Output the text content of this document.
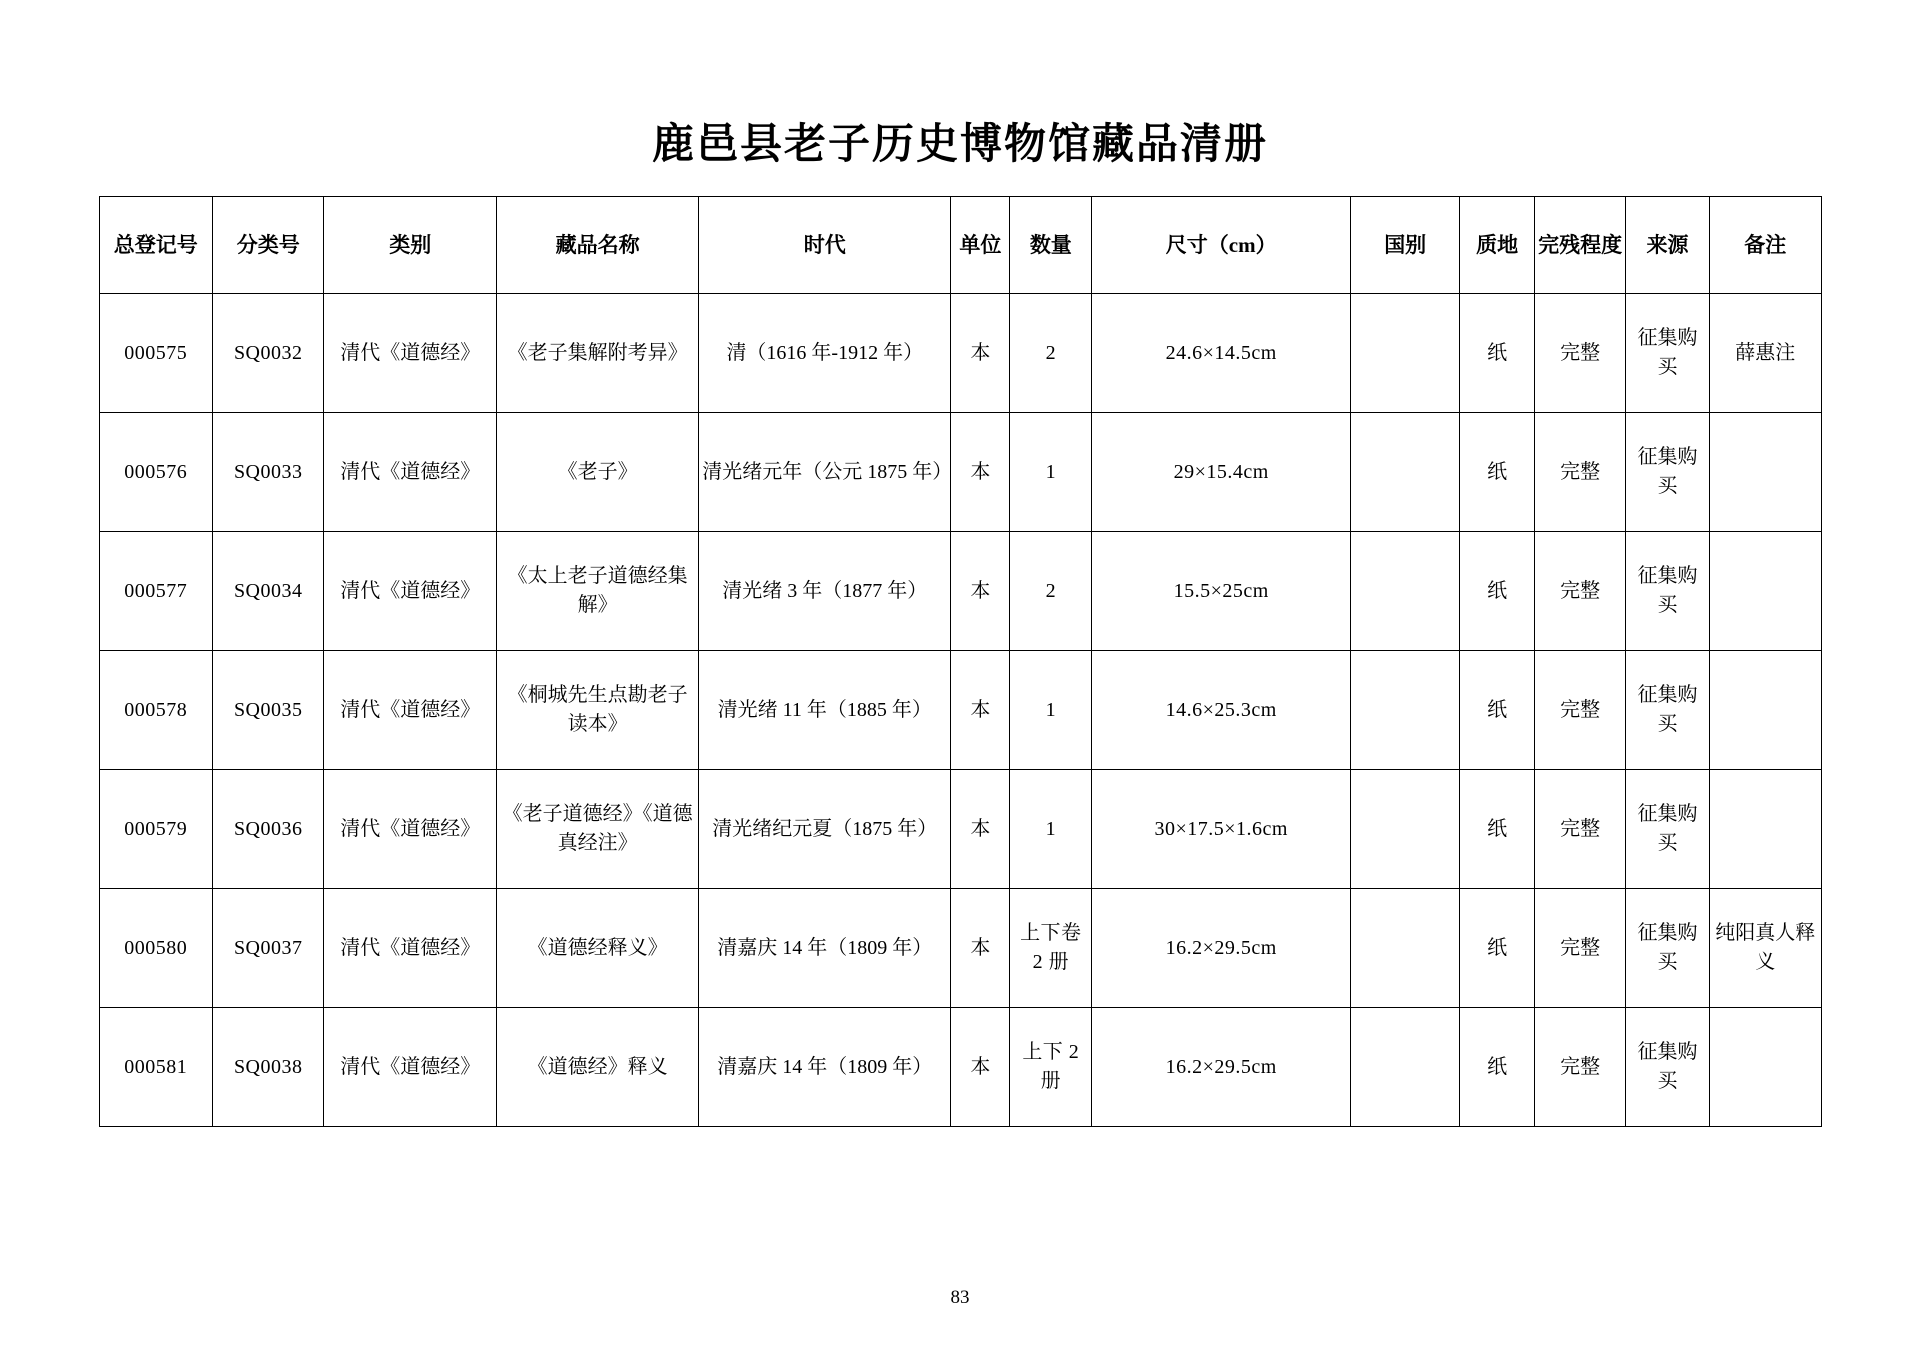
鹿邑县老子历史博物馆藏品清册
总登记号	分类号	类别	藏品名称	时代	单位	数量	尺寸（cm）	国别	质地	完残程度	来源	备注
000575	SQ0032	清代《道德经》	《老子集解附考异》	清（1616 年-1912 年）	本	2	24.6×14.5cm		纸	完整	征集购买	薛惠注
000576	SQ0033	清代《道德经》	《老子》	清光绪元年（公元 1875 年）	本	1	29×15.4cm		纸	完整	征集购买	
000577	SQ0034	清代《道德经》	《太上老子道德经集解》	清光绪 3 年（1877 年）	本	2	15.5×25cm		纸	完整	征集购买	
000578	SQ0035	清代《道德经》	《桐城先生点勘老子读本》	清光绪 11 年（1885 年）	本	1	14.6×25.3cm		纸	完整	征集购买	
000579	SQ0036	清代《道德经》	《老子道德经》《道德真经注》	清光绪纪元夏（1875 年）	本	1	30×17.5×1.6cm		纸	完整	征集购买	
000580	SQ0037	清代《道德经》	《道德经释义》	清嘉庆 14 年（1809 年）	本	上下卷 2 册	16.2×29.5cm		纸	完整	征集购买	纯阳真人释义
000581	SQ0038	清代《道德经》	《道德经》释义	清嘉庆 14 年（1809 年）	本	上下 2 册	16.2×29.5cm		纸	完整	征集购买	
83
